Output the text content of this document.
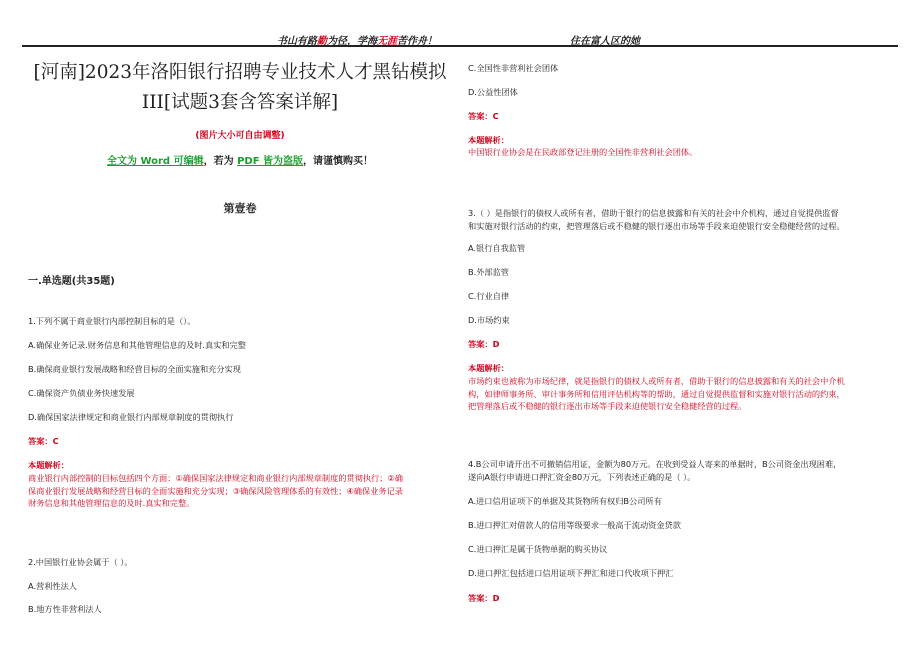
书山有路勤为径，学海无涯苦作舟！	住在富人区的她
[河南]2023年洛阳银行招聘专业技术人才黑钻模拟
III[试题3套含答案详解]
(图片大小可自由调整)
全文为 Word 可编辑，若为 PDF 皆为盗版，请谨慎购买！
第壹卷
一.单选题(共35题)
1.下列不属于商业银行内部控制目标的是（）。
A.确保业务记录.财务信息和其他管理信息的及时.真实和完整
B.确保商业银行发展战略和经营目标的全面实施和充分实现
C.确保资产负债业务快速发展
D.确保国家法律规定和商业银行内部规章制度的贯彻执行
答案：C
本题解析：
商业银行内部控制的目标包括四个方面：①确保国家法律规定和商业银行内部规章制度的贯彻执行；②确
保商业银行发展战略和经营目标的全面实施和充分实现；③确保风险管理体系的有效性；④确保业务记录
财务信息和其他管理信息的及时.真实和完整。
2.中国银行业协会属于（ ）。
A.营利性法人
B.地方性非营利法人
C.全国性非营利社会团体
D.公益性团体
答案：C
本题解析：
中国银行业协会是在民政部登记注册的全国性非营利社会团体。
3.（ ）是指银行的债权人或所有者，借助于银行的信息披露和有关的社会中介机构，通过自觉提供监督
和实施对银行活动的约束，把管理落后或不稳健的银行逐出市场等手段来迫使银行安全稳健经营的过程。
A.银行自我监管
B.外部监管
C.行业自律
D.市场约束
答案：D
本题解析：
市场约束也被称为市场纪律，就是指银行的债权人或所有者，借助于银行的信息披露和有关的社会中介机
构，如律师事务所、审计事务所和信用评估机构等的帮助，通过自觉提供监督和实施对银行活动的约束，
把管理落后或不稳健的银行逐出市场等手段来迫使银行安全稳健经营的过程。
4.B公司申请开出不可撤销信用证，金额为80万元。在收到受益人寄来的单据时，B公司资金出现困难，
遂向A银行申请进口押汇资金80万元，下列表述正确的是（ ）。
A.进口信用证项下的单据及其货物所有权归B公司所有
B.进口押汇对借款人的信用等级要求一般高于流动资金贷款
C.进口押汇是属于货物单据的购买协议
D.进口押汇包括进口信用证项下押汇和进口代收项下押汇
答案：D
